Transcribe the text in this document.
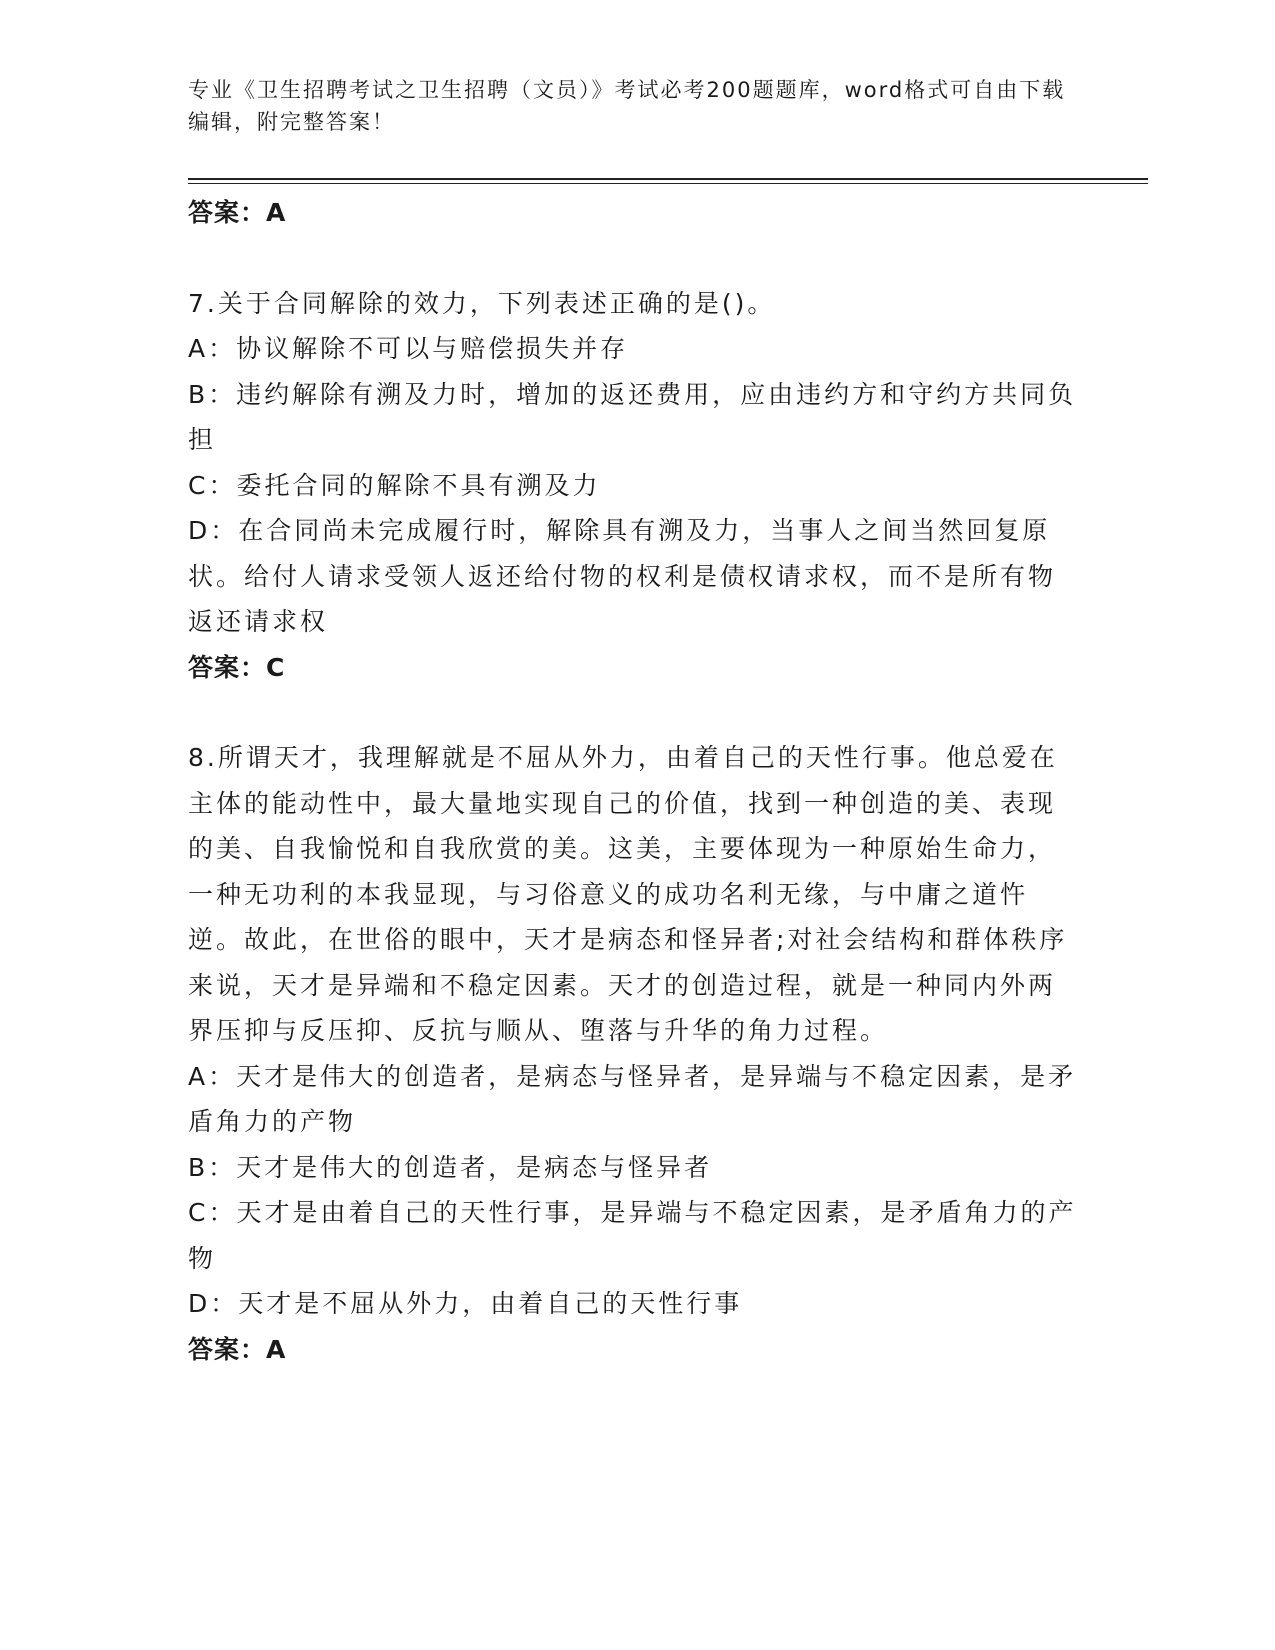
专业《卫生招聘考试之卫生招聘（文员）》考试必考200题题库，word格式可自由下载编辑，附完整答案！

答案：A

7.关于合同解除的效力，下列表述正确的是()。

A：协议解除不可以与赔偿损失并存

B：违约解除有溯及力时，增加的返还费用，应由违约方和守约方共同负担

C：委托合同的解除不具有溯及力

D：在合同尚未完成履行时，解除具有溯及力，当事人之间当然回复原状。给付人请求受领人返还给付物的权利是债权请求权，而不是所有物返还请求权

答案：C

8.所谓天才，我理解就是不屈从外力，由着自己的天性行事。他总爱在主体的能动性中，最大量地实现自己的价值，找到一种创造的美、表现的美、自我愉悦和自我欣赏的美。这美，主要体现为一种原始生命力，一种无功利的本我显现，与习俗意义的成功名利无缘，与中庸之道忤逆。故此，在世俗的眼中，天才是病态和怪异者;对社会结构和群体秩序来说，天才是异端和不稳定因素。天才的创造过程，就是一种同内外两界压抑与反压抑、反抗与顺从、堕落与升华的角力过程。

A：天才是伟大的创造者，是病态与怪异者，是异端与不稳定因素，是矛盾角力的产物

B：天才是伟大的创造者，是病态与怪异者

C：天才是由着自己的天性行事，是异端与不稳定因素，是矛盾角力的产物

D：天才是不屈从外力，由着自己的天性行事

答案：A
